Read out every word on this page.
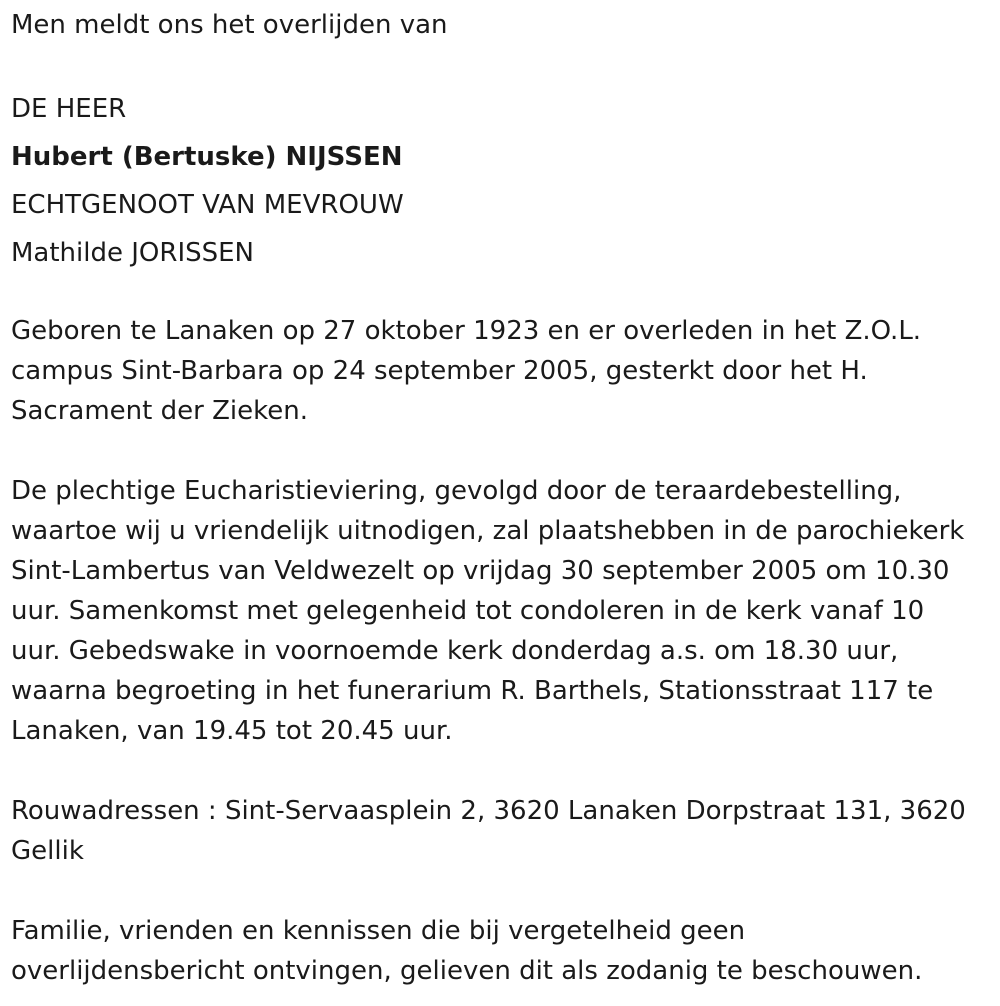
Men meldt ons het overlijden van
DE HEER
Hubert (Bertuske) NIJSSEN
ECHTGENOOT VAN MEVROUW
Mathilde JORISSEN
Geboren te Lanaken op 27 oktober 1923 en er overleden in het Z.O.L.
campus Sint-Barbara op 24 september 2005, gesterkt door het H.
Sacrament der Zieken.
De plechtige Eucharistieviering, gevolgd door de teraardebestelling,
waartoe wij u vriendelijk uitnodigen, zal plaatshebben in de parochiekerk
Sint-Lambertus van Veldwezelt op vrijdag 30 september 2005 om 10.30
uur. Samenkomst met gelegenheid tot condoleren in de kerk vanaf 10
uur. Gebedswake in voornoemde kerk donderdag a.s. om 18.30 uur,
waarna begroeting in het funerarium R. Barthels, Stationsstraat 117 te
Lanaken, van 19.45 tot 20.45 uur.
Rouwadressen : Sint-Servaasplein 2, 3620 Lanaken Dorpstraat 131, 3620
Gellik
Familie, vrienden en kennissen die bij vergetelheid geen
overlijdensbericht ontvingen, gelieven dit als zodanig te beschouwen.
